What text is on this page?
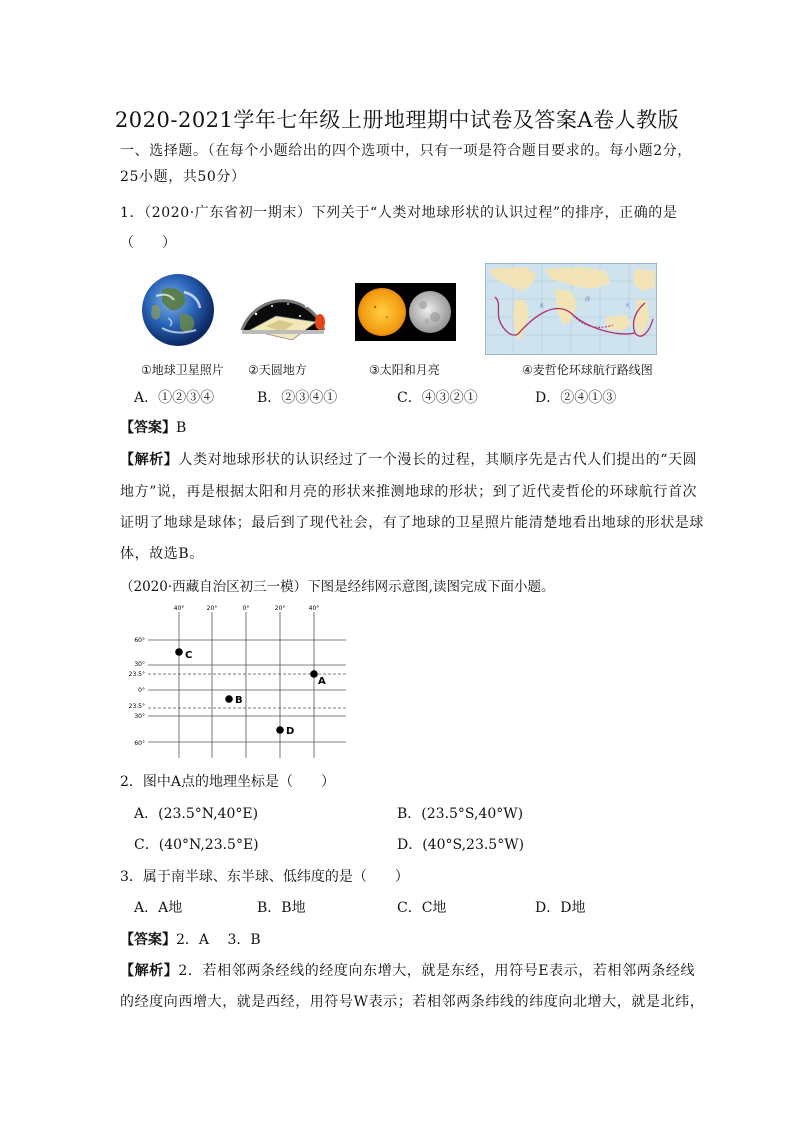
2020-2021学年七年级上册地理期中试卷及答案A卷人教版
一、选择题。（在每个小题给出的四个选项中，只有一项是符合题目要求的。每小题2分，
25小题，共50分）
1．（2020·广东省初一期末）下列关于“人类对地球形状的认识过程”的排序，正确的是
（　　）
太
洋
大
①地球卫星照片 ②天圆地方	③太阳和月亮	④麦哲伦环球航行路线图
A．①②③④	B．②③④①	C．④③②①	D．②④①③
【答案】B
【解析】人类对地球形状的认识经过了一个漫长的过程，其顺序先是古代人们提出的“天圆
地方”说，再是根据太阳和月亮的形状来推测地球的形状；到了近代麦哲伦的环球航行首次
证明了地球是球体；最后到了现代社会，有了地球的卫星照片能清楚地看出地球的形状是球
体，故选B。
（2020·西藏自治区初三一模）下图是经纬网示意图,读图完成下面小题。
40°	20°	0°	20°	40°
60°
30°
23.5°
0°
23.5°
30°
60°
C
A
B
D
2．图中A点的地理坐标是（　　）
A．(23.5°N,40°E)	B．(23.5°S,40°W)
C．(40°N,23.5°E)	D．(40°S,23.5°W)
3．属于南半球、东半球、低纬度的是（　　）
A．A地	B．B地	C．C地	D．D地
【答案】2．A　 3．B
【解析】2．若相邻两条经线的经度向东增大，就是东经，用符号E表示，若相邻两条经线
的经度向西增大，就是西经，用符号W表示；若相邻两条纬线的纬度向北增大，就是北纬，
